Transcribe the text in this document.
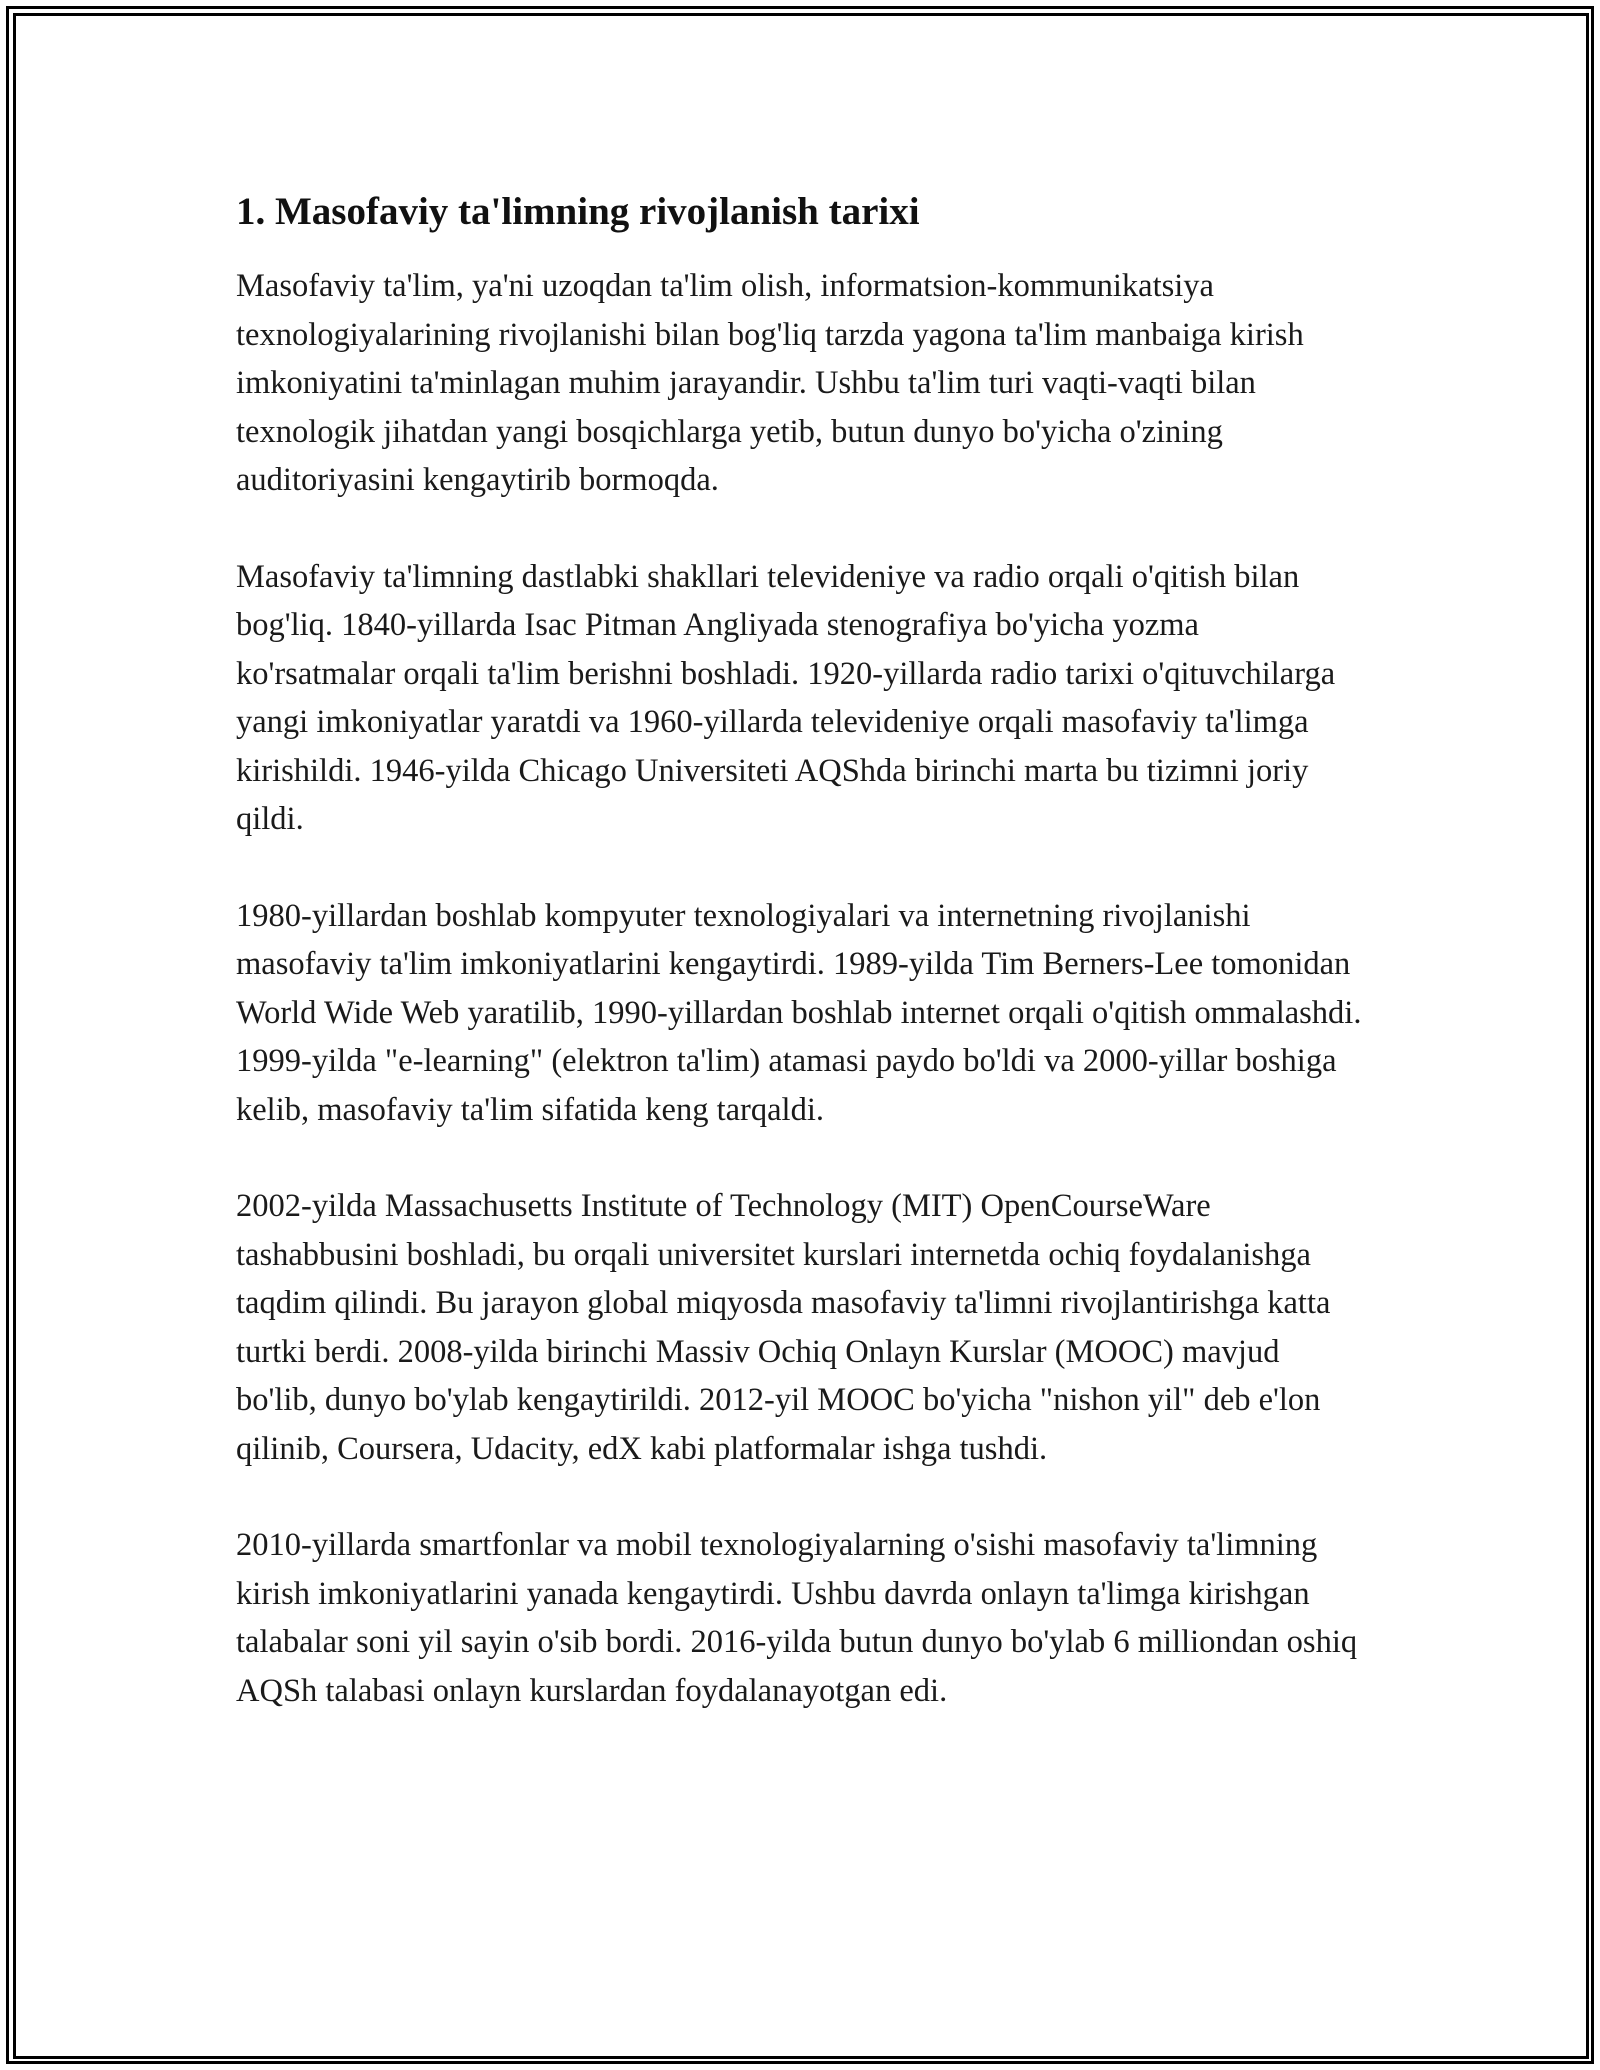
1. Masofaviy ta'limning rivojlanish tarixi

Masofaviy ta'lim, ya'ni uzoqdan ta'lim olish, informatsion-kommunikatsiya texnologiyalarining rivojlanishi bilan bog'liq tarzda yagona ta'lim manbaiga kirish imkoniyatini ta'minlagan muhim jarayandir. Ushbu ta'lim turi vaqti-vaqti bilan texnologik jihatdan yangi bosqichlarga yetib, butun dunyo bo'yicha o'zining auditoriyasini kengaytirib bormoqda.

Masofaviy ta'limning dastlabki shakllari televideniye va radio orqali o'qitish bilan bog'liq. 1840-yillarda Isac Pitman Angliyada stenografiya bo'yicha yozma ko'rsatmalar orqali ta'lim berishni boshladi. 1920-yillarda radio tarixi o'qituvchilarga yangi imkoniyatlar yaratdi va 1960-yillarda televideniye orqali masofaviy ta'limga kirishildi. 1946-yilda Chicago Universiteti AQShda birinchi marta bu tizimni joriy qildi.

1980-yillardan boshlab kompyuter texnologiyalari va internetning rivojlanishi masofaviy ta'lim imkoniyatlarini kengaytirdi. 1989-yilda Tim Berners-Lee tomonidan World Wide Web yaratilib, 1990-yillardan boshlab internet orqali o'qitish ommalashdi. 1999-yilda "e-learning" (elektron ta'lim) atamasi paydo bo'ldi va 2000-yillar boshiga kelib, masofaviy ta'lim sifatida keng tarqaldi.

2002-yilda Massachusetts Institute of Technology (MIT) OpenCourseWare tashabbusini boshladi, bu orqali universitet kurslari internetda ochiq foydalanishga taqdim qilindi. Bu jarayon global miqyosda masofaviy ta'limni rivojlantirishga katta turtki berdi. 2008-yilda birinchi Massiv Ochiq Onlayn Kurslar (MOOC) mavjud bo'lib, dunyo bo'ylab kengaytirildi. 2012-yil MOOC bo'yicha "nishon yil" deb e'lon qilinib, Coursera, Udacity, edX kabi platformalar ishga tushdi.

2010-yillarda smartfonlar va mobil texnologiyalarning o'sishi masofaviy ta'limning kirish imkoniyatlarini yanada kengaytirdi. Ushbu davrda onlayn ta'limga kirishgan talabalar soni yil sayin o'sib bordi. 2016-yilda butun dunyo bo'ylab 6 milliondan oshiq AQSh talabasi onlayn kurslardan foydalanayotgan edi.
